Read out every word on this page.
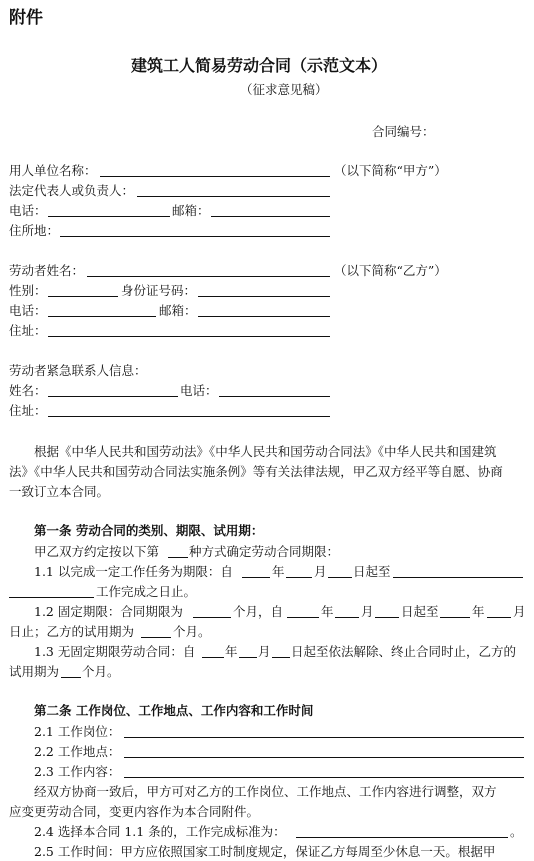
附件
建筑工人简易劳动合同（示范文本）
（征求意见稿）
合同编号：
用人单位名称：	（以下简称“甲方”）
法定代表人或负责人：
电话：	邮箱：
住所地：
劳动者姓名：	（以下简称“乙方”）
性别：	身份证号码：
电话：	邮箱：
住址：
劳动者紧急联系人信息：
姓名：	电话：
住址：
根据《中华人民共和国劳动法》《中华人民共和国劳动合同法》《中华人民共和国建筑
法》《中华人民共和国劳动合同法实施条例》等有关法律法规，甲乙双方经平等自愿、协商
一致订立本合同。
第一条 劳动合同的类别、期限、试用期：
甲乙双方约定按以下第 种方式确定劳动合同期限：
1.1 以完成一定工作任务为期限：自	年 月 日起至
工作完成之日止。
1.2 固定期限：合同期限为	个月，自	年 月 日起至	年 月
日止；乙方的试用期为	个月。
1.3 无固定期限劳动合同：自 年 月 日起至依法解除、终止合同时止，乙方的
试用期为 个月。
第二条 工作岗位、工作地点、工作内容和工作时间
2.1 工作岗位：
2.2 工作地点：
2.3 工作内容：
经双方协商一致后，甲方可对乙方的工作岗位、工作地点、工作内容进行调整，双方
应变更劳动合同，变更内容作为本合同附件。
2.4 选择本合同 1.1 条的，工作完成标准为：	。
2.5 工作时间：甲方应依照国家工时制度规定，保证乙方每周至少休息一天。根据甲
